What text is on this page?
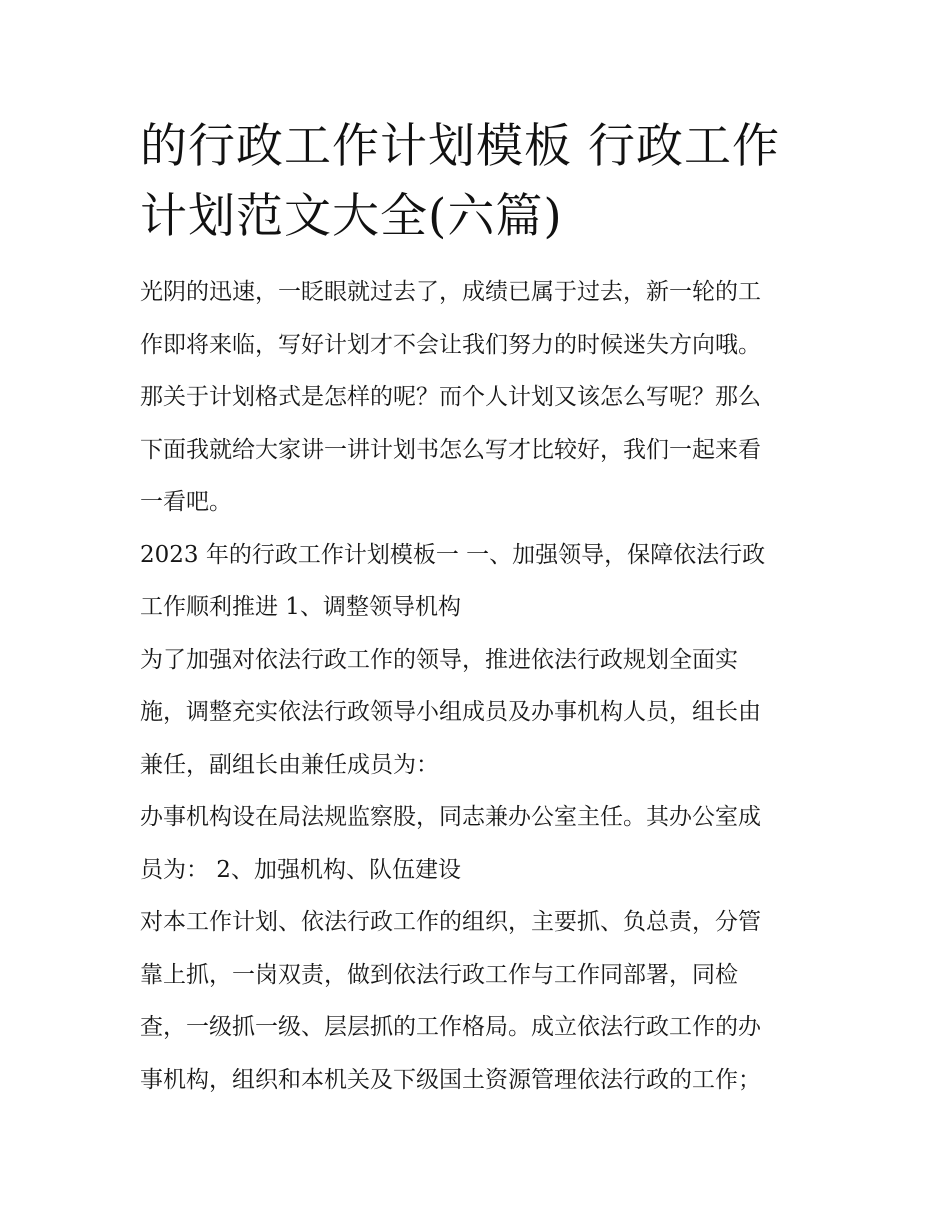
的行政工作计划模板 行政工作
计划范文大全(六篇)

光阴的迅速，一眨眼就过去了，成绩已属于过去，新一轮的工
作即将来临，写好计划才不会让我们努力的时候迷失方向哦。
那关于计划格式是怎样的呢？而个人计划又该怎么写呢？那么
下面我就给大家讲一讲计划书怎么写才比较好，我们一起来看
一看吧。

2023 年的行政工作计划模板一 一、加强领导，保障依法行政
工作顺利推进 1、调整领导机构

为了加强对依法行政工作的领导，推进依法行政规划全面实
施，调整充实依法行政领导小组成员及办事机构人员，组长由
兼任，副组长由兼任成员为：

办事机构设在局法规监察股，同志兼办公室主任。其办公室成
员为： 2、加强机构、队伍建设

对本工作计划、依法行政工作的组织，主要抓、负总责，分管
靠上抓，一岗双责，做到依法行政工作与工作同部署，同检
查，一级抓一级、层层抓的工作格局。成立依法行政工作的办
事机构，组织和本机关及下级国土资源管理依法行政的工作；
